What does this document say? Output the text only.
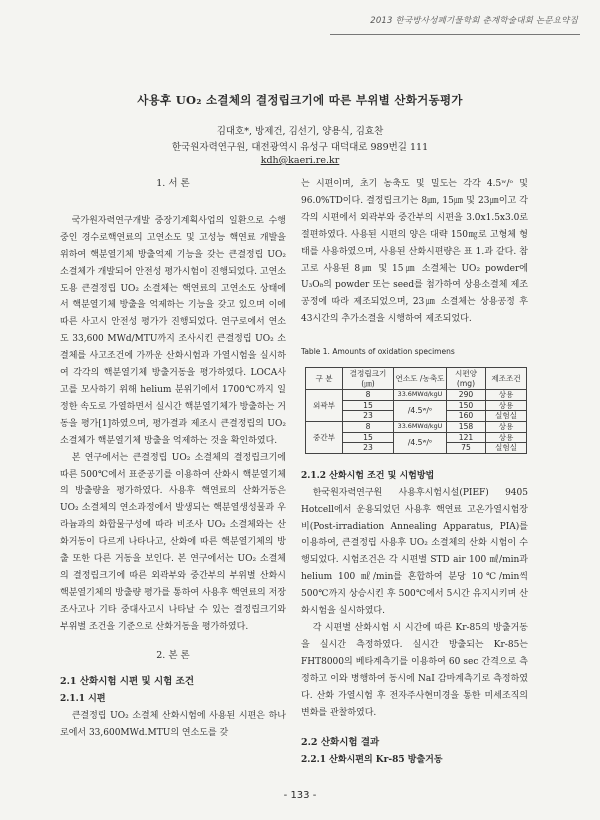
2013 한국방사성폐기물학회 춘계학술대회 논문요약집
사용후 UO₂ 소결체의 결정립크기에 따른 부위별 산화거동평가
김대호*, 방제건, 김선기, 양용식, 김효찬
한국원자력연구원, 대전광역시 유성구 대덕대로 989번길 111
kdh@kaeri.re.kr
1. 서 론

국가원자력연구개발 중장기계획사업의 일환으로 수행중인 경수로핵연료의 고연소도 및 고성능 핵연료 개발을 위하여 핵분열기체 방출억제 기능을 갖는 큰결정립 UO₂ 소결체가 개발되어 안전성 평가시험이 진행되었다. 고연소도용 큰결정립 UO₂ 소결체는 핵연료의 고연소도 상태에서 핵분열기체 방출을 억제하는 기능을 갖고 있으며 이에 따른 사고시 안전성 평가가 진행되었다. 연구로에서 연소도 33,600 MWd/MTU까지 조사시킨 큰결정립 UO₂ 소결체를 사고조건에 가까운 산화시험과 가열시험을 실시하여 각각의 핵분열기체 방출거동을 평가하였다. LOCA사고를 모사하기 위해 helium 분위기에서 1700℃까지 일정한 속도로 가열하면서 실시간 핵분열기체가 방출하는 거동을 평가[1]하였으며, 평가결과 제조시 큰결정립의 UO₂ 소결체가 핵분열기체 방출을 억제하는 것을 확인하였다.

본 연구에서는 큰결정립 UO₂ 소결체의 결정립크기에 따른 500℃에서 표준공기를 이용하여 산화시 핵분열기체의 방출량을 평가하였다. 사용후 핵연료의 산화거동은 UO₂ 소결체의 연소과정에서 발생되는 핵분열생성물과 우라늄과의 화합물구성에 따라 비조사 UO₂ 소결체와는 산화거동이 다르게 나타나고, 산화에 따른 핵분열기체의 방출 또한 다른 거동을 보인다. 본 연구에서는 UO₂ 소결체의 결정립크기에 따른 외곽부와 중간부의 부위별 산화시 핵분열기체의 방출량 평가를 통하여 사용후 핵연료의 저장조사고나 기타 중대사고시 나타날 수 있는 결정립크기와 부위별 조건을 기준으로 산화거동을 평가하였다.

2. 본 론
2.1 산화시험 시편 및 시험 조건
2.1.1 시편

큰결정립 UO₂ 소결체 산화시험에 사용된 시편은 하나로에서 33,600MWd.MTU의 연소도를 갖

는 시편이며, 초기 농축도 및 밀도는 각각 4.5ʷ/ᵒ 및 96.0%TD이다. 결정립크기는 8㎛, 15㎛ 및 23㎛이고 각각의 시편에서 외곽부와 중간부의 시편을 3.0x1.5x3.0로 절편하였다. 사용된 시편의 양은 대략 150㎎로 고형체 형태를 사용하였으며, 사용된 산화시편량은 표 1.과 같다. 참고로 사용된 8㎛ 및 15㎛ 소결체는 UO₂ powder에 U₃O₈의 powder 또는 seed를 첨가하여 상용소결체 제조공정에 따라 제조되었으며, 23㎛ 소결체는 상용공정 후 43시간의 추가소결을 시행하여 제조되었다.

Table 1. Amounts of oxidation specimens

구 분	결정립크기 (㎛)	연소도 /농축도	시편양 (mg)	제조조건
외곽부	8	33.6MWd/kgU	290	상용
	15	/4.5ʷ/ᵒ	150	상용
	23		160	실험실
중간부	8	33.6MWd/kgU	158	상용
	15	/4.5ʷ/ᵒ	121	상용
	23		75	실험실
2.1.2 산화시험 조건 및 시험방법

한국원자력연구원 사용후시험시설(PIEF) 9405 Hotcell에서 운용되었던 사용후 핵연료 고온가열시험장비(Post-irradiation Annealing Apparatus, PIA)를 이용하여, 큰결정립 사용후 UO₂ 소결체의 산화 시험이 수행되었다. 시험조건은 각 시편별 STD air 100 ㎖/min과 helium 100 ㎖/min를 혼합하여 분당 10℃/min씩 500℃까지 상승시킨 후 500℃에서 5시간 유지시키며 산화시험을 실시하였다.

각 시편별 산화시험 시 시간에 따른 Kr-85의 방출거동을 실시간 측정하였다. 실시간 방출되는 Kr-85는 FHT8000의 베타계측기를 이용하여 60 sec 간격으로 측정하고 이와 병행하여 동시에 NaI 감마계측기로 측정하였다. 산화 가열시험 후 전자주사현미경을 통한 미세조직의 변화를 관찰하였다.

2.2 산화시험 결과
2.2.1 산화시편의 Kr-85 방출거동
- 133 -
